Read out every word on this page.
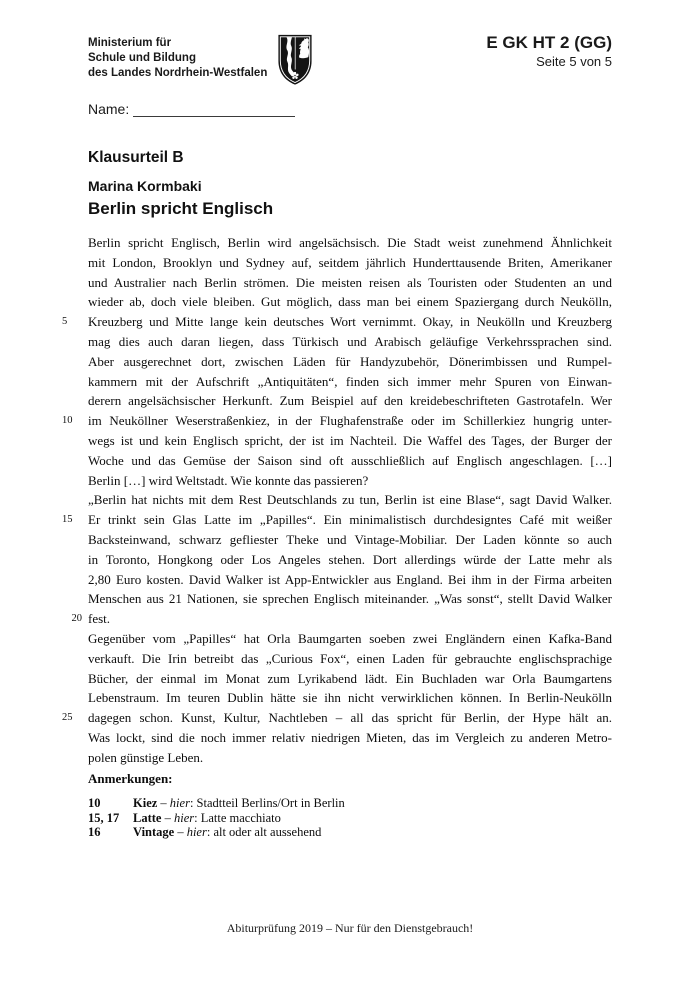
Ministerium für
Schule und Bildung
des Landes Nordrhein-Westfalen
E GK HT 2 (GG)
Seite 5 von 5
Name:
Klausurteil B
Marina Kormbaki
Berlin spricht Englisch
Berlin spricht Englisch, Berlin wird angelsächsisch. Die Stadt weist zunehmend Ähnlichkeit
mit London, Brooklyn und Sydney auf, seitdem jährlich Hunderttausende Briten, Amerikaner
und Australier nach Berlin strömen. Die meisten reisen als Touristen oder Studenten an und
wieder ab, doch viele bleiben. Gut möglich, dass man bei einem Spaziergang durch Neukölln,
5	Kreuzberg und Mitte lange kein deutsches Wort vernimmt. Okay, in Neukölln und Kreuzberg
mag dies auch daran liegen, dass Türkisch und Arabisch geläufige Verkehrssprachen sind.
Aber ausgerechnet dort, zwischen Läden für Handyzubehör, Dönerimbissen und Rumpel-
kammern mit der Aufschrift „Antiquitäten“, finden sich immer mehr Spuren von Einwan-
derern angelsächsischer Herkunft. Zum Beispiel auf den kreidebeschrifteten Gastrotafeln. Wer
10	im Neuköllner Weserstraßenkiez, in der Flughafenstraße oder im Schillerkiez hungrig unter-
wegs ist und kein Englisch spricht, der ist im Nachteil. Die Waffel des Tages, der Burger der
Woche und das Gemüse der Saison sind oft ausschließlich auf Englisch angeschlagen. […]
Berlin […] wird Weltstadt. Wie konnte das passieren?
„Berlin hat nichts mit dem Rest Deutschlands zu tun, Berlin ist eine Blase“, sagt David Walker.
15	Er trinkt sein Glas Latte im „Papilles“. Ein minimalistisch durchdesigntes Café mit weißer
Backsteinwand, schwarz gefliester Theke und Vintage-Mobiliar. Der Laden könnte so auch
in Toronto, Hongkong oder Los Angeles stehen. Dort allerdings würde der Latte mehr als
2,80 Euro kosten. David Walker ist App-Entwickler aus England. Bei ihm in der Firma arbeiten
Menschen aus 21 Nationen, sie sprechen Englisch miteinander. „Was sonst“, stellt David Walker
20 fest.
Gegenüber vom „Papilles“ hat Orla Baumgarten soeben zwei Engländern einen Kafka-Band
verkauft. Die Irin betreibt das „Curious Fox“, einen Laden für gebrauchte englischsprachige
Bücher, der einmal im Monat zum Lyrikabend lädt. Ein Buchladen war Orla Baumgartens
Lebenstraum. Im teuren Dublin hätte sie ihn nicht verwirklichen können. In Berlin-Neukölln
25	dagegen schon. Kunst, Kultur, Nachtleben – all das spricht für Berlin, der Hype hält an.
Was lockt, sind die noch immer relativ niedrigen Mieten, das im Vergleich zu anderen Metro-
polen günstige Leben.
Anmerkungen:
10	Kiez – hier: Stadtteil Berlins/Ort in Berlin
15, 17	Latte – hier: Latte macchiato
16	Vintage – hier: alt oder alt aussehend
Abiturprüfung 2019 – Nur für den Dienstgebrauch!
